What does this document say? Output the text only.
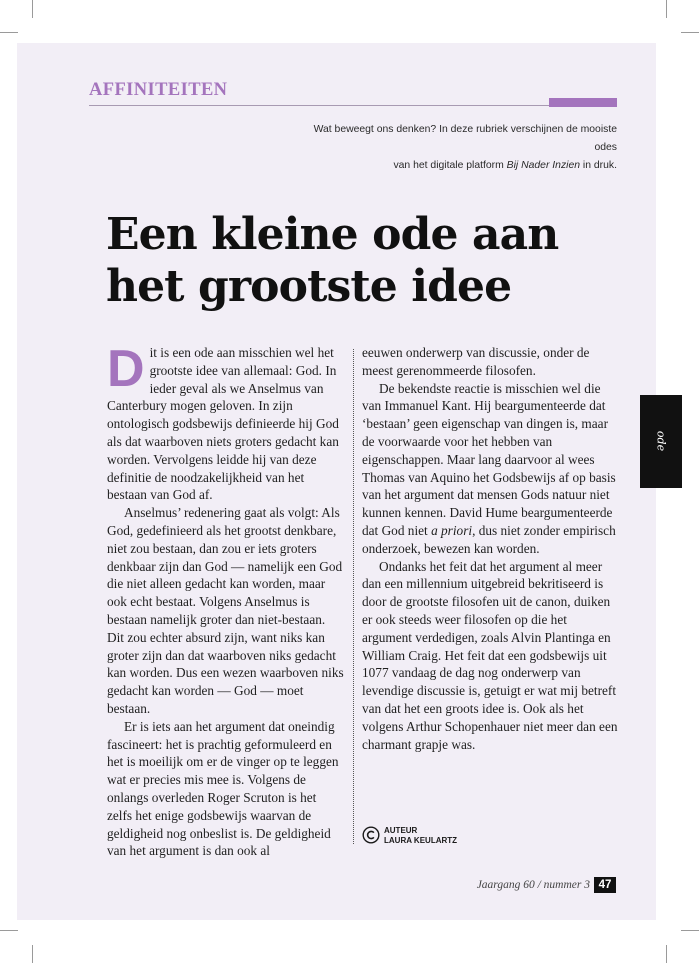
AFFINITEITEN

Wat beweegt ons denken? In deze rubriek verschijnen de mooiste odes

van het digitale platform Bij Nader Inzien in druk.

Een kleine ode aan
het grootste idee

Dit is een ode aan misschien wel het grootste idee van allemaal: God. In ieder geval als we Anselmus van Canterbury mogen geloven. In zijn ontologisch godsbewijs definieerde hij God als dat waarboven niets groters gedacht kan worden. Vervolgens leidde hij van deze definitie de noodzakelijkheid van het bestaan van God af.

Anselmus’ redenering gaat als volgt: Als God, gedefinieerd als het grootst denkbare, niet zou bestaan, dan zou er iets groters denkbaar zijn dan God — namelijk een God die niet alleen gedacht kan worden, maar ook echt bestaat. Volgens Anselmus is bestaan namelijk groter dan niet-bestaan. Dit zou echter absurd zijn, want niks kan groter zijn dan dat waarboven niks gedacht kan worden. Dus een wezen waarboven niks gedacht kan worden — God — moet bestaan.

Er is iets aan het argument dat oneindig fascineert: het is prachtig geformuleerd en het is moeilijk om er de vinger op te leggen wat er precies mis mee is. Volgens de onlangs overleden Roger Scruton is het zelfs het enige godsbewijs waarvan de geldigheid nog onbeslist is. De geldigheid van het argument is dan ook al

eeuwen onderwerp van discussie, onder de meest gerenommeerde filosofen.

De bekendste reactie is misschien wel die van Immanuel Kant. Hij beargumenteerde dat ‘bestaan’ geen eigenschap van dingen is, maar de voorwaarde voor het hebben van eigenschappen. Maar lang daarvoor al wees Thomas van Aquino het Godsbewijs af op basis van het argument dat mensen Gods natuur niet kunnen kennen. David Hume beargumenteerde dat God niet a priori, dus niet zonder empirisch onderzoek, bewezen kan worden.

Ondanks het feit dat het argument al meer dan een millennium uitgebreid bekritiseerd is door de grootste filosofen uit de canon, duiken er ook steeds weer filosofen op die het argument verdedigen, zoals Alvin Plantinga en William Craig. Het feit dat een godsbewijs uit 1077 vandaag de dag nog onderwerp van levendige discussie is, getuigt er wat mij betreft van dat het een groots idee is. Ook als het volgens Arthur Schopenhauer niet meer dan een charmant grapje was.

AUTEUR
LAURA KEULARTZ
ode
Jaargang 60 / nummer 3 47
